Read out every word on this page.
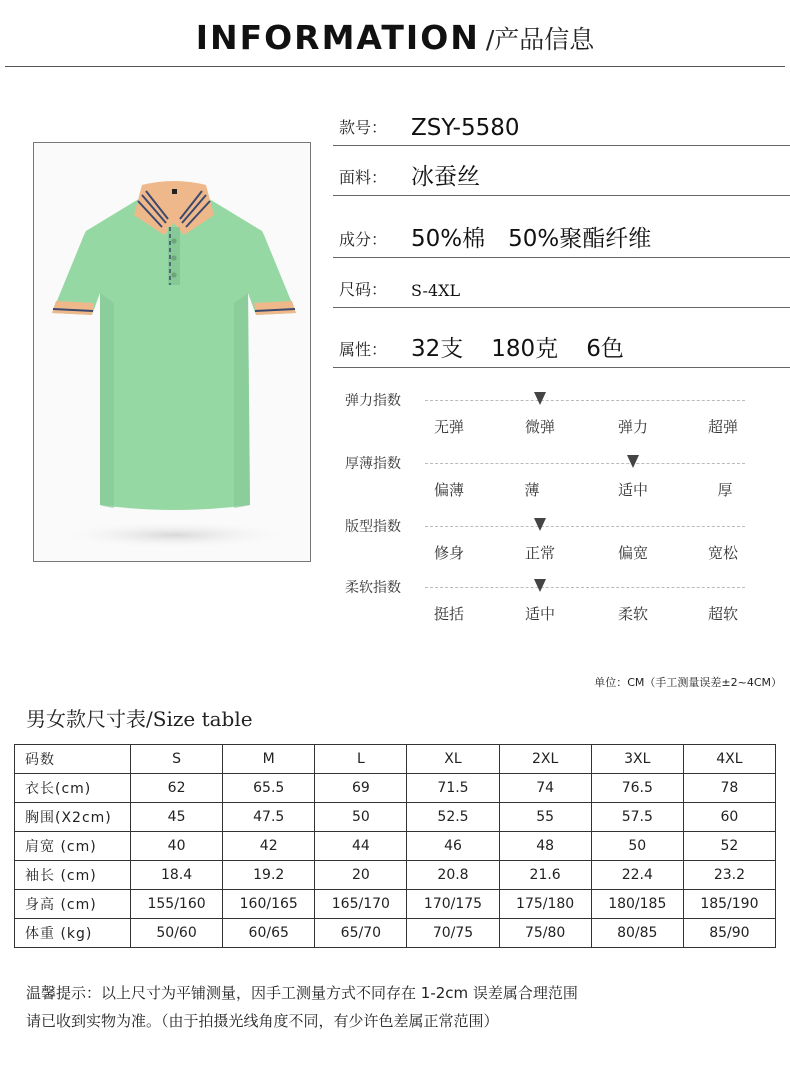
INFORMATION /产品信息
款号： ZSY-5580
面料： 冰蚕丝
成分： 50%棉　50%聚酯纤维
尺码： S-4XL
属性： 32支 180克 6色
弹力指数
无弹	微弹	弹力	超弹
厚薄指数
偏薄	薄	适中	厚
版型指数
修身	正常	偏宽	宽松
柔软指数
挺括	适中	柔软	超软
单位：CM（手工测量误差±2~4CM）
男女款尺寸表/Size table
码数	S	M	L	XL	2XL	3XL	4XL
衣长(cm)	62	65.5	69	71.5	74	76.5	78
胸围(X2cm)	45	47.5	50	52.5	55	57.5	60
肩宽 (cm)	40	42	44	46	48	50	52
袖长 (cm)	18.4	19.2	20	20.8	21.6	22.4	23.2
身高 (cm)	155/160	160/165	165/170	170/175	175/180	180/185	185/190
体重 (kg)	50/60	60/65	65/70	70/75	75/80	80/85	85/90
温馨提示：以上尺寸为平铺测量，因手工测量方式不同存在 1-2cm 误差属合理范围
请已收到实物为准。（由于拍摄光线角度不同，有少许色差属正常范围）
